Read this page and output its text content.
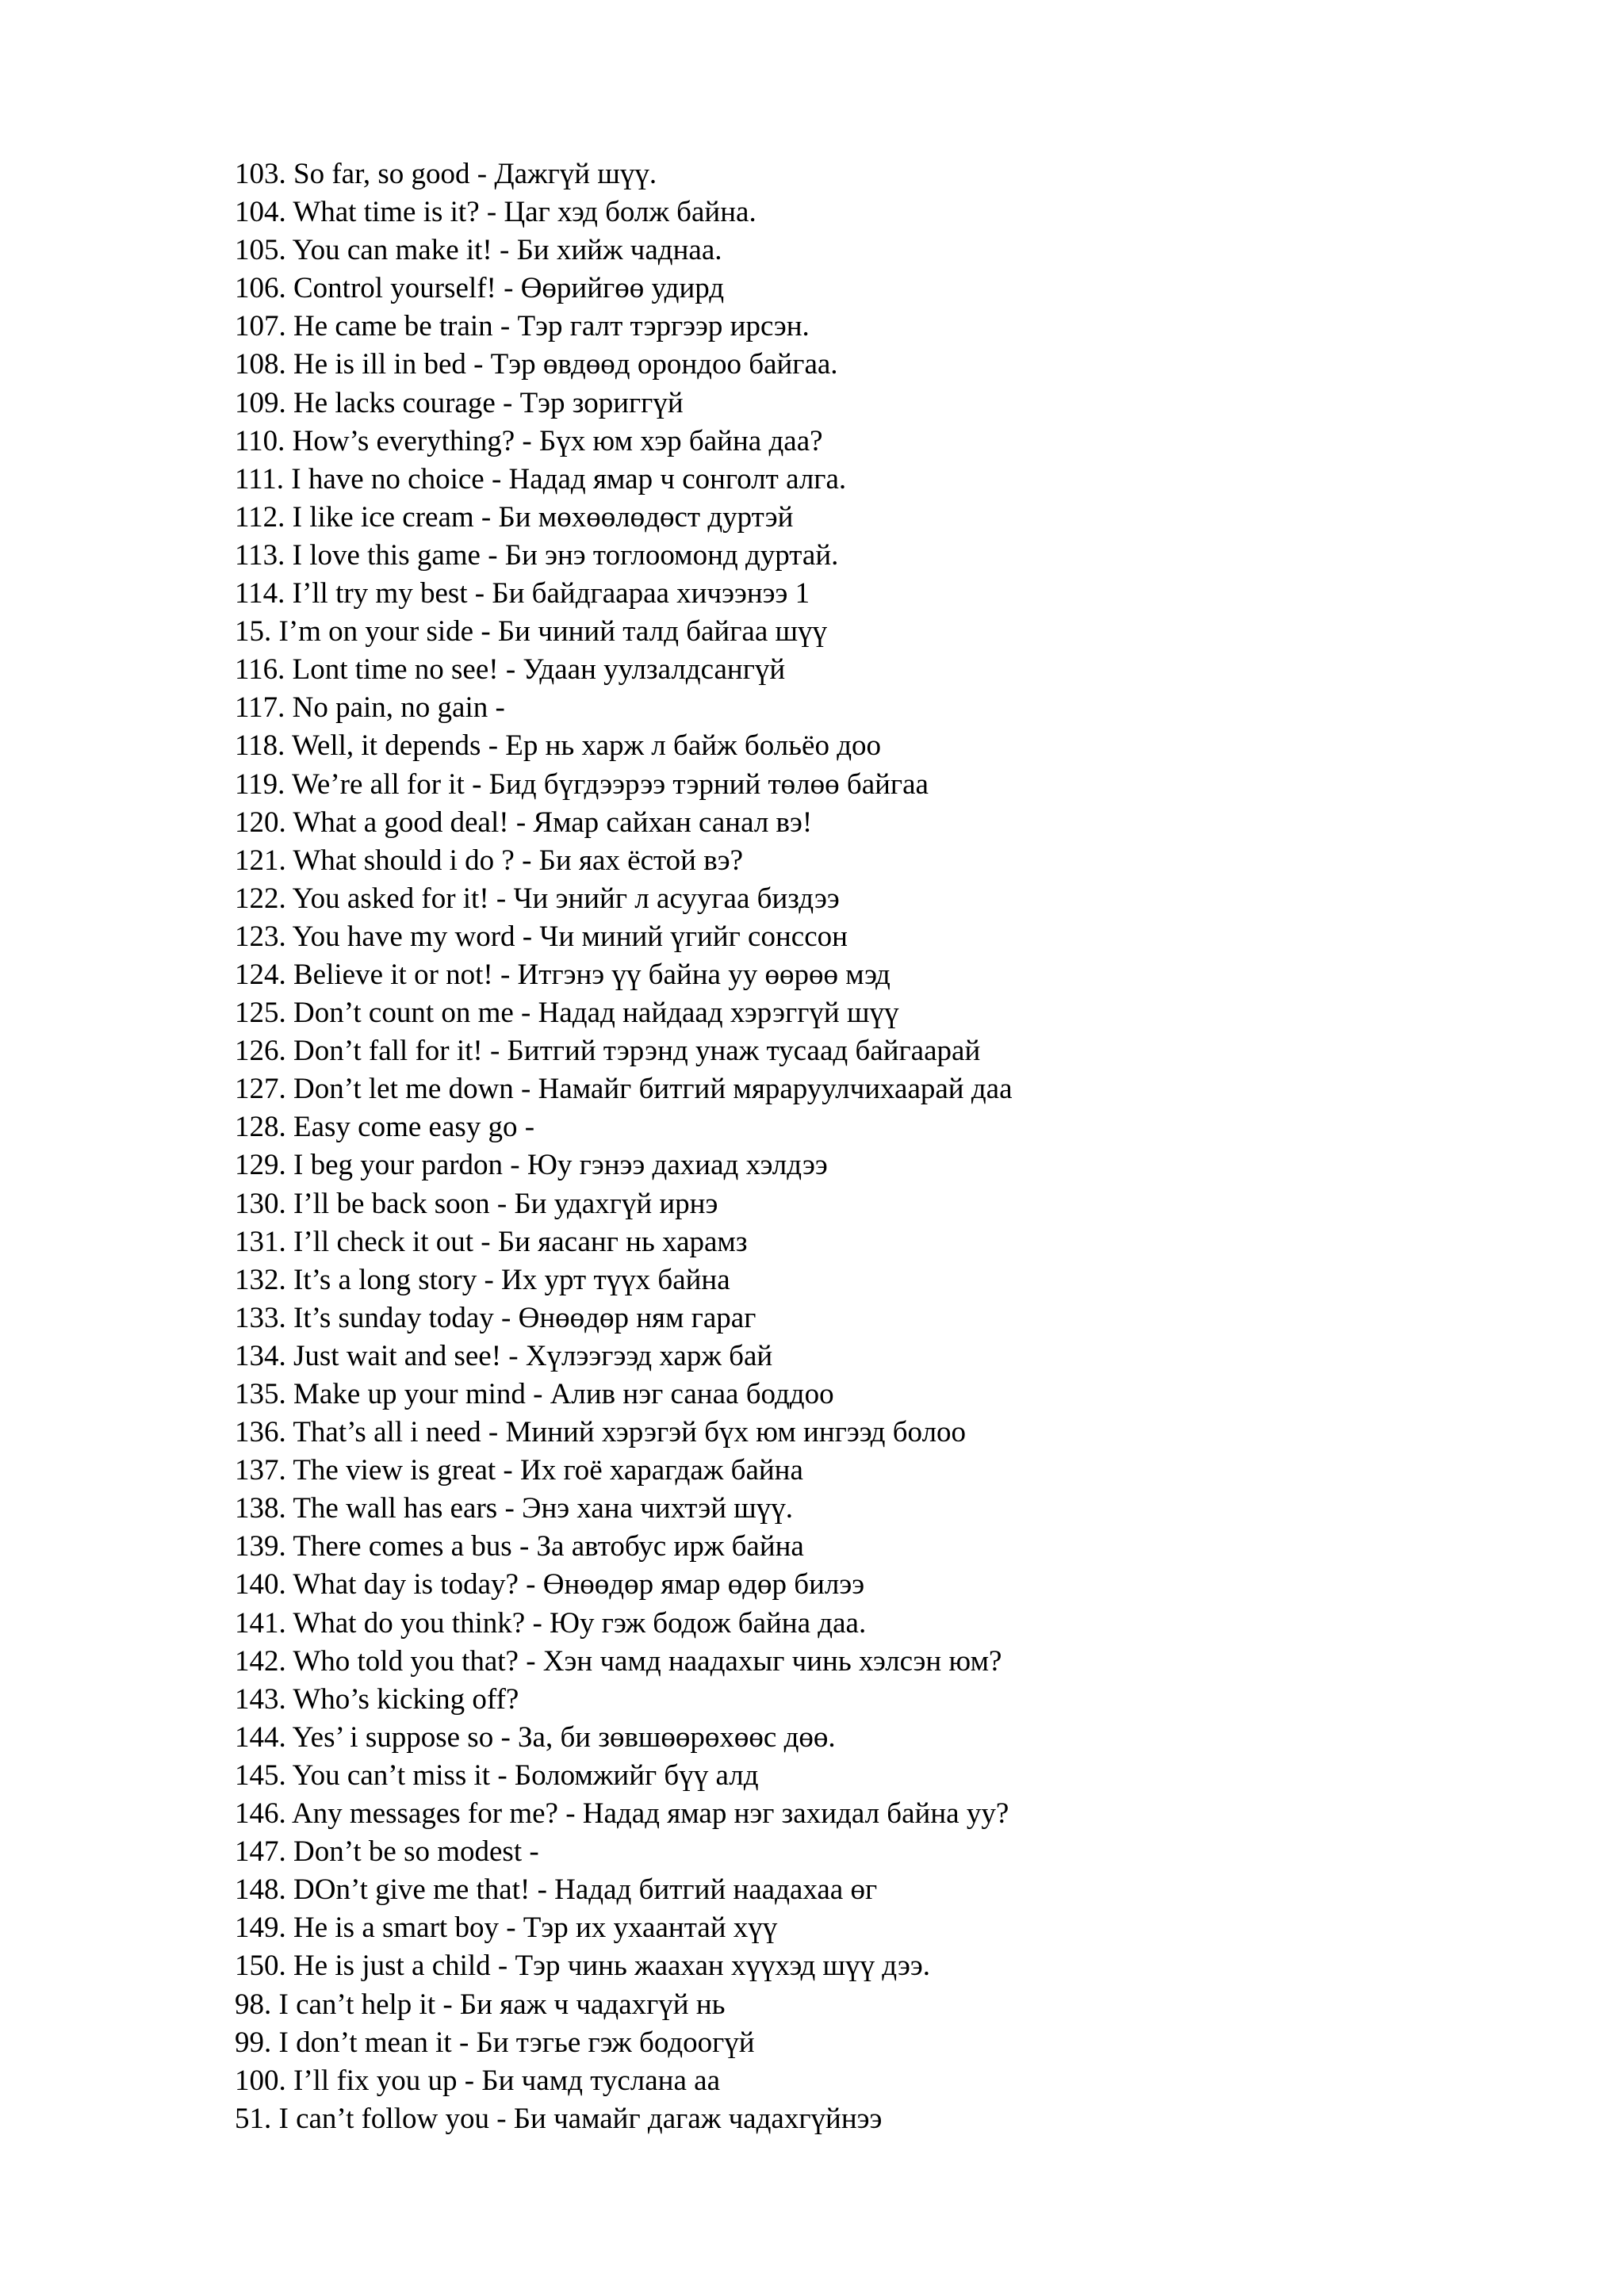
103. So far, so good - Дажгүй шүү.
104. What time is it? - Цаг хэд болж байна.
105. You can make it! - Би хийж чаднаа.
106. Control yourself! - Өөрийгөө удирд
107. He came be train - Тэр галт тэргээр ирсэн.
108. He is ill in bed - Тэр өвдөөд орондоо байгаа.
109. He lacks courage - Тэр зориггүй
110. How’s everything? - Бүх юм хэр байна даа?
111. I have no choice - Надад ямар ч сонголт алга.
112. I like ice cream - Би мөхөөлөдөст дуртэй
113. I love this game - Би энэ тоглоомонд дуртай.
114. I’ll try my best - Би байдгаараа хичээнээ 1
15. I’m on your side - Би чиний талд байгаа шүү
116. Lont time no see! - Удаан уулзалдсангүй
117. No pain, no gain -
118. Well, it depends - Ер нь харж л байж больёо доо
119. We’re all for it - Бид бүгдээрээ тэрний төлөө байгаа
120. What a good deal! - Ямар сайхан санал вэ!
121. What should i do ? - Би яах ёстой вэ?
122. You asked for it! - Чи энийг л асуугаа биздээ
123. You have my word - Чи миний үгийг сонссон
124. Believe it or not! - Итгэнэ үү байна уу өөрөө мэд
125. Don’t count on me - Надад найдаад хэрэггүй шүү
126. Don’t fall for it! - Битгий тэрэнд унаж тусаад байгаарай
127. Don’t let me down - Намайг битгий мяраруулчихаарай даа
128. Easy come easy go -
129. I beg your pardon - Юу гэнээ дахиад хэлдээ
130. I’ll be back soon - Би удахгүй ирнэ
131. I’ll check it out - Би яасанг нь харамз
132. It’s a long story - Их урт түүх байна
133. It’s sunday today - Өнөөдөр ням гараг
134. Just wait and see! - Хүлээгээд харж бай
135. Make up your mind - Алив нэг санаа боддоо
136. That’s all i need - Миний хэрэгэй бүх юм ингээд болоо
137. The view is great - Их гоё харагдаж байна
138. The wall has ears - Энэ хана чихтэй шүү.
139. There comes a bus - За автобус ирж байна
140. What day is today? - Өнөөдөр ямар өдөр билээ
141. What do you think? - Юу гэж бодож байна даа.
142. Who told you that? - Хэн чамд наадахыг чинь хэлсэн юм?
143. Who’s kicking off?
144. Yes’ i suppose so - За, би зөвшөөрөхөөс дөө.
145. You can’t miss it - Боломжийг бүү алд
146. Any messages for me? - Надад ямар нэг захидал байна уу?
147. Don’t be so modest -
148. DOn’t give me that! - Надад битгий наадахаа өг
149. He is a smart boy - Тэр их ухаантай хүү
150. He is just a child - Тэр чинь жаахан хүүхэд шүү дээ.
98. I can’t help it - Би яаж ч чадахгүй нь
99. I don’t mean it - Би тэгье гэж бодоогүй
100. I’ll fix you up - Би чамд туслана аа
51. I can’t follow you - Би чамайг дагаж чадахгүйнээ
